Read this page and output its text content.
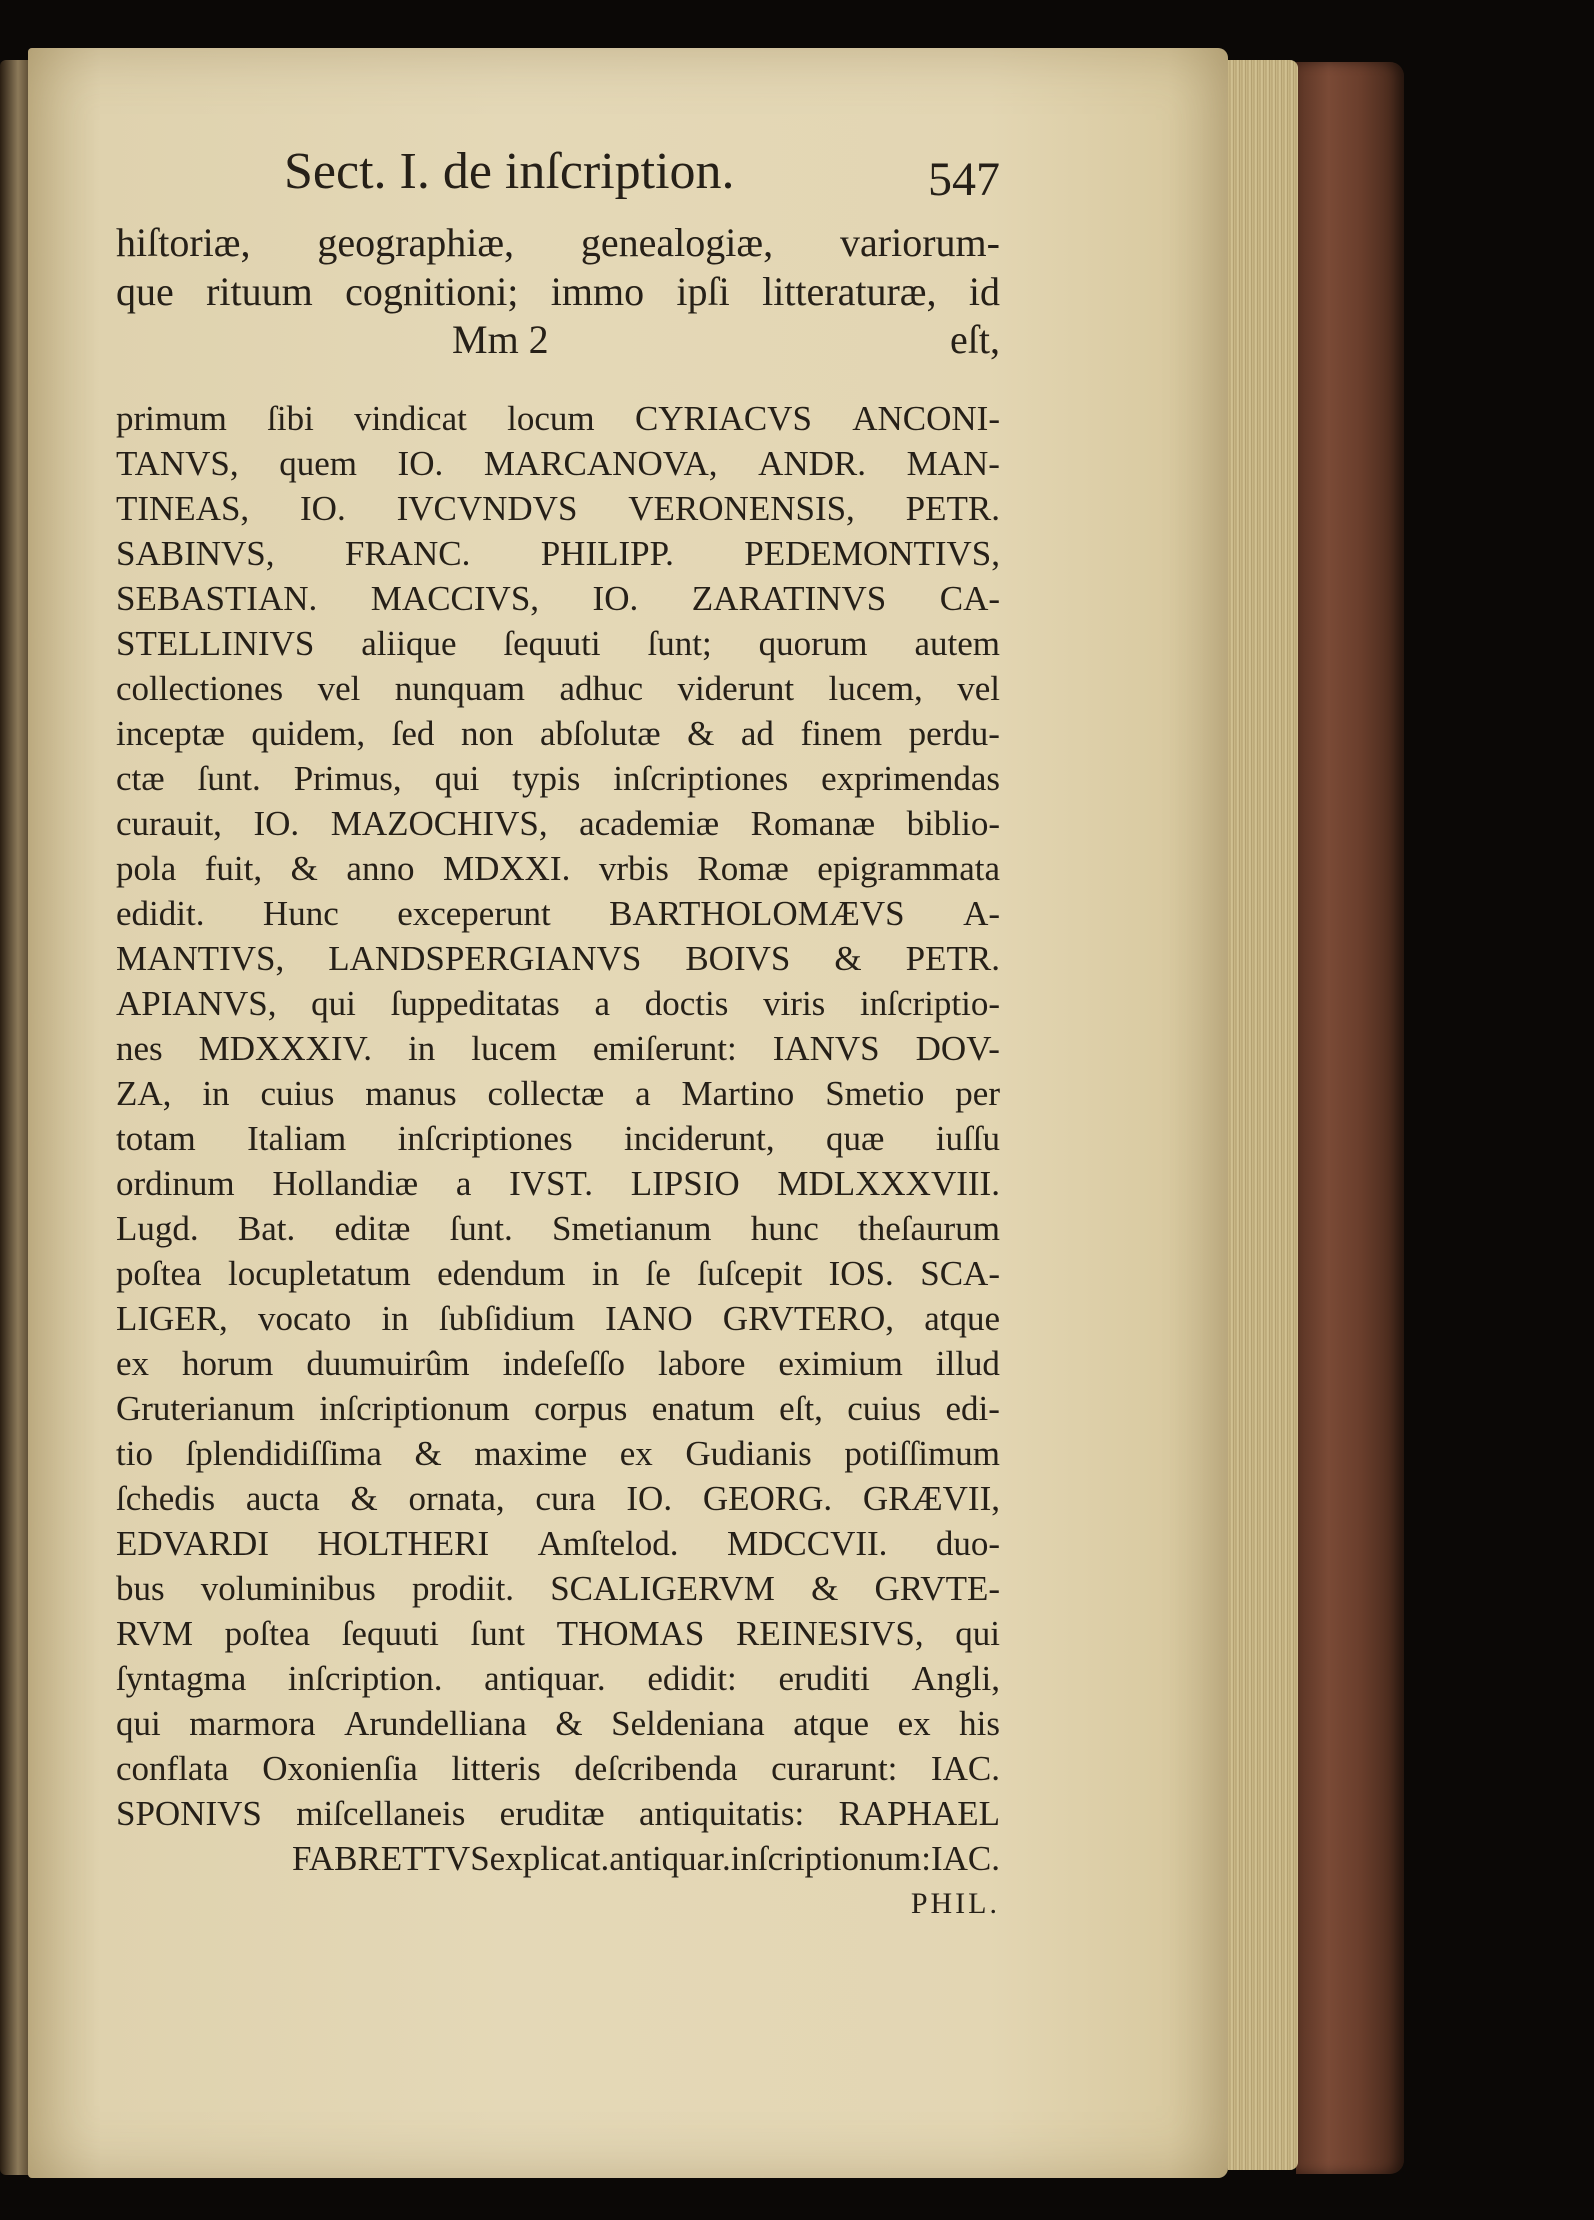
Sect. I. de inſcription.	547
hiſtoriæ, geographiæ, genealogiæ, variorum-
que rituum cognitioni; immo ipſi litteraturæ, id
Mm 2	eſt,
primum ſibi vindicat locum CYRIACVS ANCONI-
TANVS, quem IO. MARCANOVA, ANDR. MAN-
TINEAS, IO. IVCVNDVS VERONENSIS, PETR.
SABINVS, FRANC. PHILIPP. PEDEMONTIVS,
SEBASTIAN. MACCIVS, IO. ZARATINVS CA-
STELLINIVS aliique ſequuti ſunt; quorum autem
collectiones vel nunquam adhuc viderunt lucem, vel
inceptæ quidem, ſed non abſolutæ & ad finem perdu-
ctæ ſunt. Primus, qui typis inſcriptiones exprimendas
curauit, IO. MAZOCHIVS, academiæ Romanæ biblio-
pola fuit, & anno MDXXI. vrbis Romæ epigrammata
edidit. Hunc exceperunt BARTHOLOMÆVS A-
MANTIVS, LANDSPERGIANVS BOIVS & PETR.
APIANVS, qui ſuppeditatas a doctis viris inſcriptio-
nes MDXXXIV. in lucem emiſerunt: IANVS DOV-
ZA, in cuius manus collectæ a Martino Smetio per
totam Italiam inſcriptiones inciderunt, quæ iuſſu
ordinum Hollandiæ a IVST. LIPSIO MDLXXXVIII.
Lugd. Bat. editæ ſunt. Smetianum hunc theſaurum
poſtea locupletatum edendum in ſe ſuſcepit IOS. SCA-
LIGER, vocato in ſubſidium IANO GRVTERO, atque
ex horum duumuirûm indeſeſſo labore eximium illud
Gruterianum inſcriptionum corpus enatum eſt, cuius edi-
tio ſplendidiſſima & maxime ex Gudianis potiſſimum
ſchedis aucta & ornata, cura IO. GEORG. GRÆVII,
EDVARDI HOLTHERI Amſtelod. MDCCVII. duo-
bus voluminibus prodiit. SCALIGERVM & GRVTE-
RVM poſtea ſequuti ſunt THOMAS REINESIVS, qui
ſyntagma inſcription. antiquar. edidit: eruditi Angli,
qui marmora Arundelliana & Seldeniana atque ex his
conflata Oxonienſia litteris deſcribenda curarunt: IAC.
SPONIVS miſcellaneis eruditæ antiquitatis: RAPHAEL
FABRETTVS explicat. antiquar. inſcriptionum: IAC.
PHIL.
